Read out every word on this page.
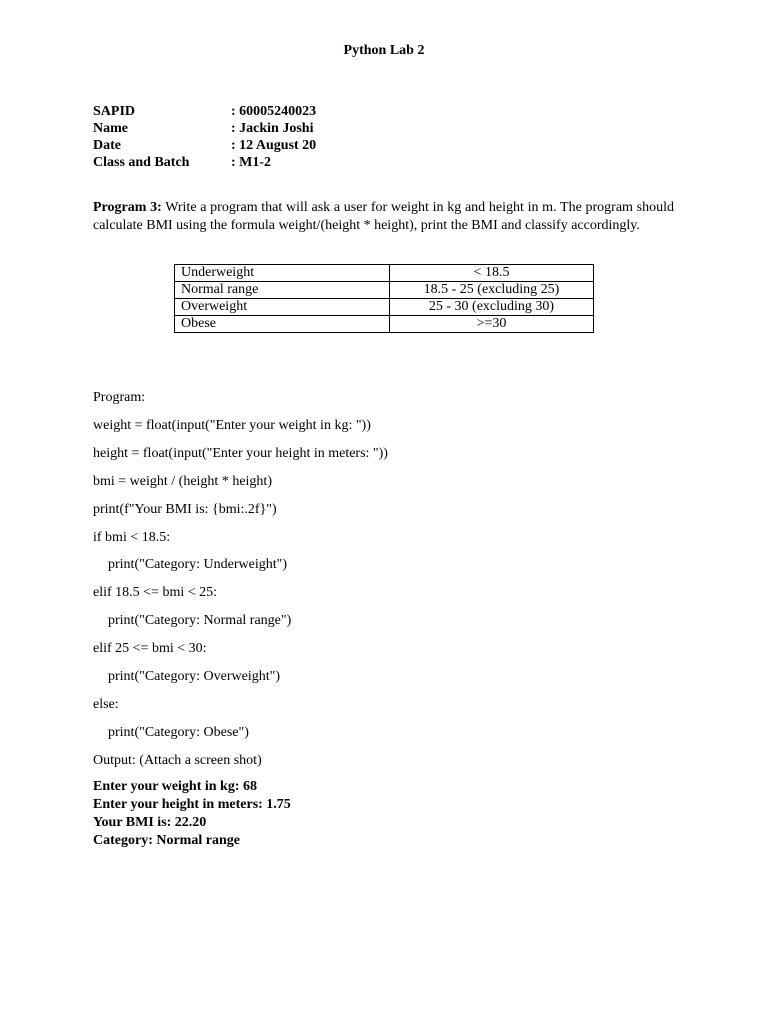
Python Lab 2
SAPID	: 60005240023
Name	: Jackin Joshi
Date	: 12 August 20
Class and Batch	: M1-2

Program 3: Write a program that will ask a user for weight in kg and height in m. The program should calculate BMI using the formula weight/(height * height), print the BMI and classify accordingly.

Underweight	< 18.5
Normal range	18.5 - 25 (excluding 25)
Overweight	25 - 30 (excluding 30)
Obese	>=30
Program:
weight = float(input("Enter your weight in kg: "))
height = float(input("Enter your height in meters: "))
bmi = weight / (height * height)
print(f"Your BMI is: {bmi:.2f}")
if bmi < 18.5:
print("Category: Underweight")
elif 18.5 <= bmi < 25:
print("Category: Normal range")
elif 25 <= bmi < 30:
print("Category: Overweight")
else:
print("Category: Obese")
Output: (Attach a screen shot)
Enter your weight in kg: 68
Enter your height in meters: 1.75
Your BMI is: 22.20
Category: Normal range
